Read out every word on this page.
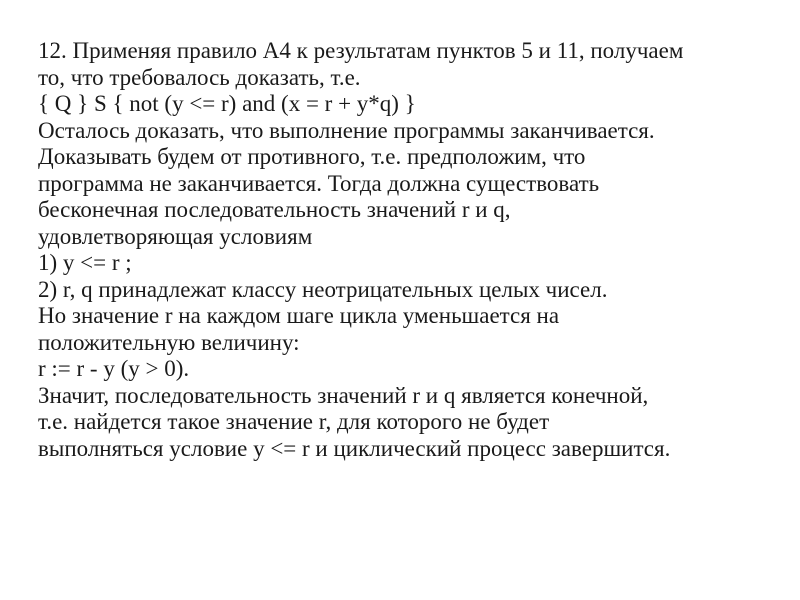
12. Применяя правило А4 к результатам пунктов 5 и 11, получаем
то, что требовалось доказать, т.е.
{ Q } S { not (y <= r) and (x = r + y*q) }
Осталось доказать, что выполнение программы заканчивается.
Доказывать будем от противного, т.е. предположим, что
программа не заканчивается. Тогда должна существовать
бесконечная последовательность значений r и q,
удовлетворяющая условиям
1) y <= r ;
2) r, q принадлежат классу неотрицательных целых чисел.
Но значение r на каждом шаге цикла уменьшается на
положительную величину:
r := r - y (y > 0).
Значит, последовательность значений r и q является конечной,
т.е. найдется такое значение r, для которого не будет
выполняться условие y <= r и циклический процесс завершится.
